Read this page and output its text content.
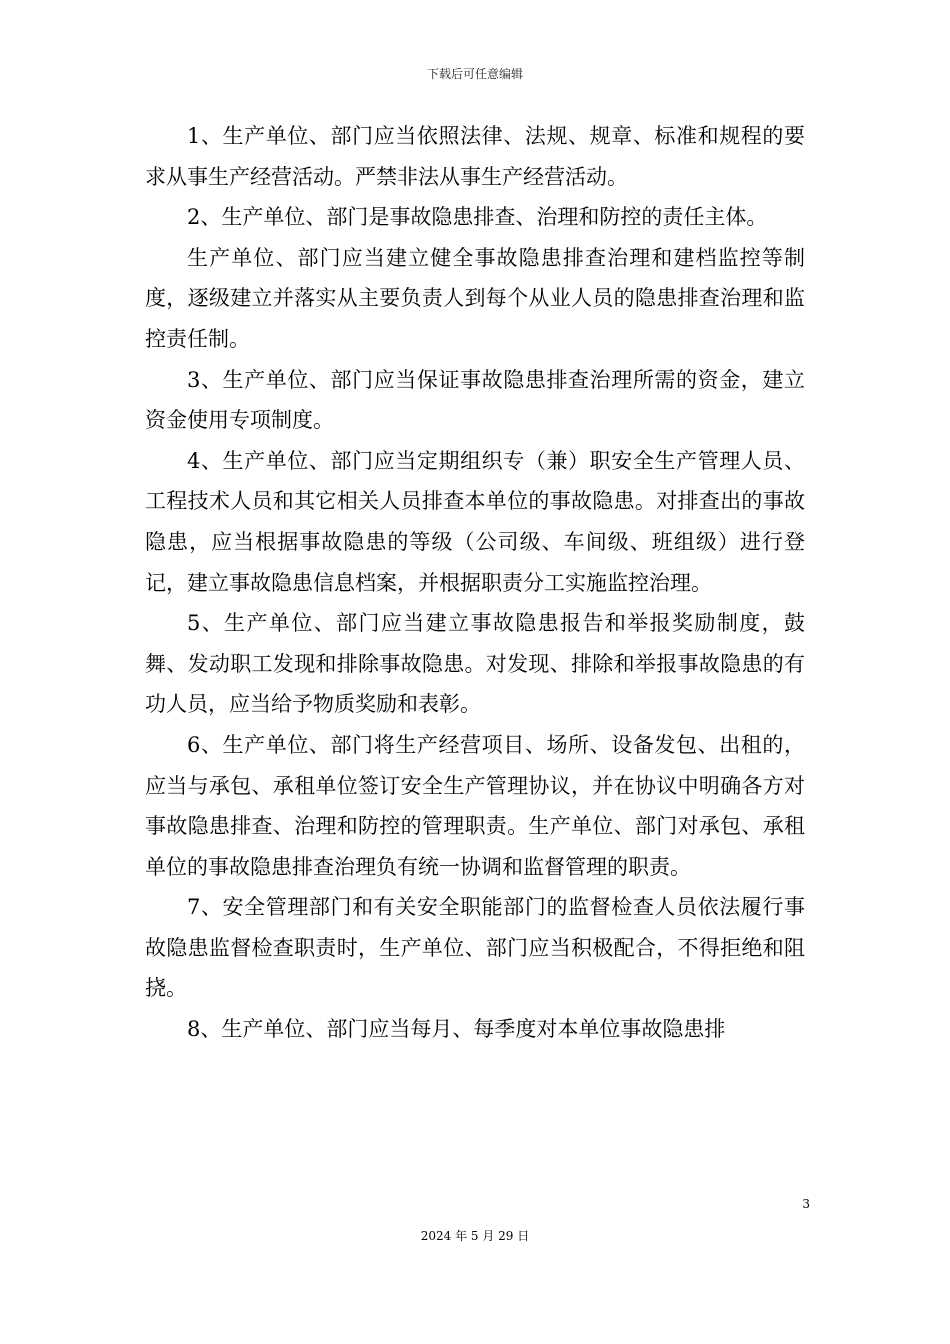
下载后可任意编辑

1、生产单位、部门应当依照法律、法规、规章、标准和规程的要求从事生产经营活动。严禁非法从事生产经营活动。

2、生产单位、部门是事故隐患排查、治理和防控的责任主体。

生产单位、部门应当建立健全事故隐患排查治理和建档监控等制度，逐级建立并落实从主要负责人到每个从业人员的隐患排查治理和监控责任制。

3、生产单位、部门应当保证事故隐患排查治理所需的资金，建立资金使用专项制度。

4、生产单位、部门应当定期组织专（兼）职安全生产管理人员、工程技术人员和其它相关人员排查本单位的事故隐患。对排查出的事故隐患，应当根据事故隐患的等级（公司级、车间级、班组级）进行登记，建立事故隐患信息档案，并根据职责分工实施监控治理。

5、生产单位、部门应当建立事故隐患报告和举报奖励制度，鼓舞、发动职工发现和排除事故隐患。对发现、排除和举报事故隐患的有功人员，应当给予物质奖励和表彰。

6、生产单位、部门将生产经营项目、场所、设备发包、出租的，应当与承包、承租单位签订安全生产管理协议，并在协议中明确各方对事故隐患排查、治理和防控的管理职责。生产单位、部门对承包、承租单位的事故隐患排查治理负有统一协调和监督管理的职责。

7、安全管理部门和有关安全职能部门的监督检查人员依法履行事故隐患监督检查职责时，生产单位、部门应当积极配合，不得拒绝和阻挠。

8、生产单位、部门应当每月、每季度对本单位事故隐患排

3
2024 年 5 月 29 日
